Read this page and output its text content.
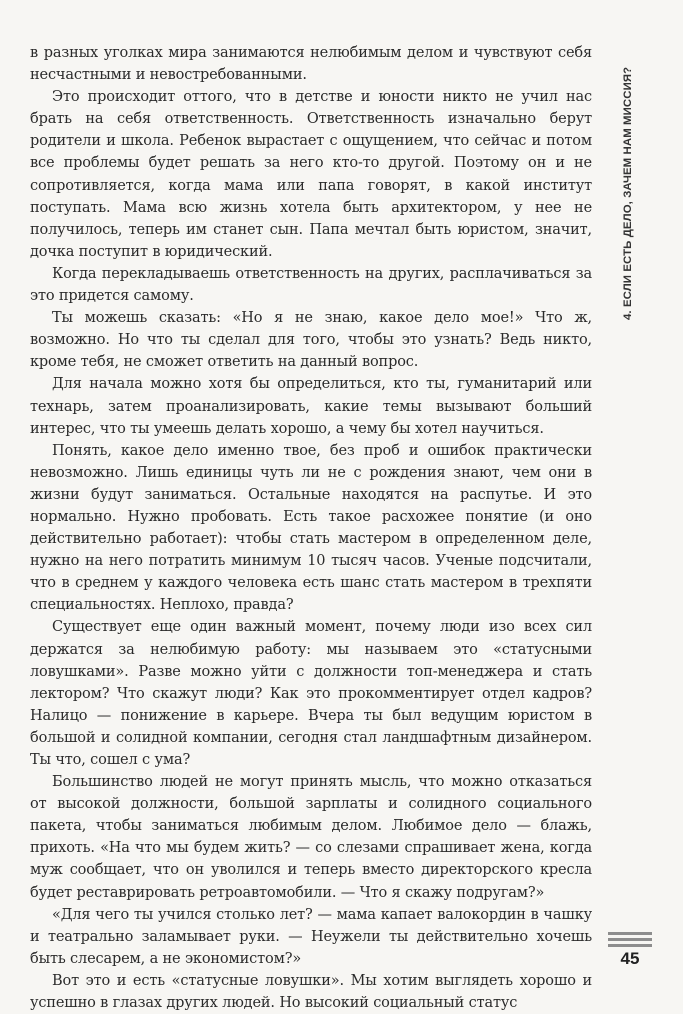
4. ЕСЛИ ЕСТЬ ДЕЛО, ЗАЧЕМ НАМ МИССИЯ?

в разных уголках мира занимаются нелюбимым делом и чувствуют себя несчастными и невостребованными.

Это происходит оттого, что в детстве и юности никто не учил нас брать на себя ответственность. Ответственность изначально берут родители и школа. Ребенок вырастает с ощущением, что сейчас и потом все проблемы будет решать за него кто-то другой. Поэтому он и не сопротивляется, когда мама или папа говорят, в какой институт поступать. Мама всю жизнь хотела быть архитектором, у нее не получилось, теперь им станет сын. Папа мечтал быть юристом, значит, дочка поступит в юридический.

Когда перекладываешь ответственность на других, расплачиваться за это придется самому.

Ты можешь сказать: «Но я не знаю, какое дело мое!» Что ж, возможно. Но что ты сделал для того, чтобы это узнать? Ведь никто, кроме тебя, не сможет ответить на данный вопрос.

Для начала можно хотя бы определиться, кто ты, гуманитарий или технарь, затем проанализировать, какие темы вызывают больший интерес, что ты умеешь делать хорошо, а чему бы хотел научиться.

Понять, какое дело именно твое, без проб и ошибок практически невозможно. Лишь единицы чуть ли не с рождения знают, чем они в жизни будут заниматься. Остальные находятся на распутье. И это нормально. Нужно пробовать. Есть такое расхожее понятие (и оно действительно работает): чтобы стать мастером в определенном деле, нужно на него потратить минимум 10 тысяч часов. Ученые подсчитали, что в среднем у каждого человека есть шанс стать мастером в трехпяти специальностях. Неплохо, правда?

Существует еще один важный момент, почему люди изо всех сил держатся за нелюбимую работу: мы называем это «статусными ловушками». Разве можно уйти с должности топ-менеджера и стать лектором? Что скажут люди? Как это прокомментирует отдел кадров? Налицо — понижение в карьере. Вчера ты был ведущим юристом в большой и солидной компании, сегодня стал ландшафтным дизайнером. Ты что, сошел с ума?

Большинство людей не могут принять мысль, что можно отказаться от высокой должности, большой зарплаты и солидного социального пакета, чтобы заниматься любимым делом. Любимое дело — блажь, прихоть. «На что мы будем жить? — со слезами спрашивает жена, когда муж сообщает, что он уволился и теперь вместо директорского кресла будет реставрировать ретроавтомобили. — Что я скажу подругам?»

«Для чего ты учился столько лет? — мама капает валокордин в чашку и театрально заламывает руки. — Неужели ты действительно хочешь быть слесарем, а не экономистом?»

Вот это и есть «статусные ловушки». Мы хотим выглядеть хорошо и успешно в глазах других людей. Но высокий социальный статус

45
